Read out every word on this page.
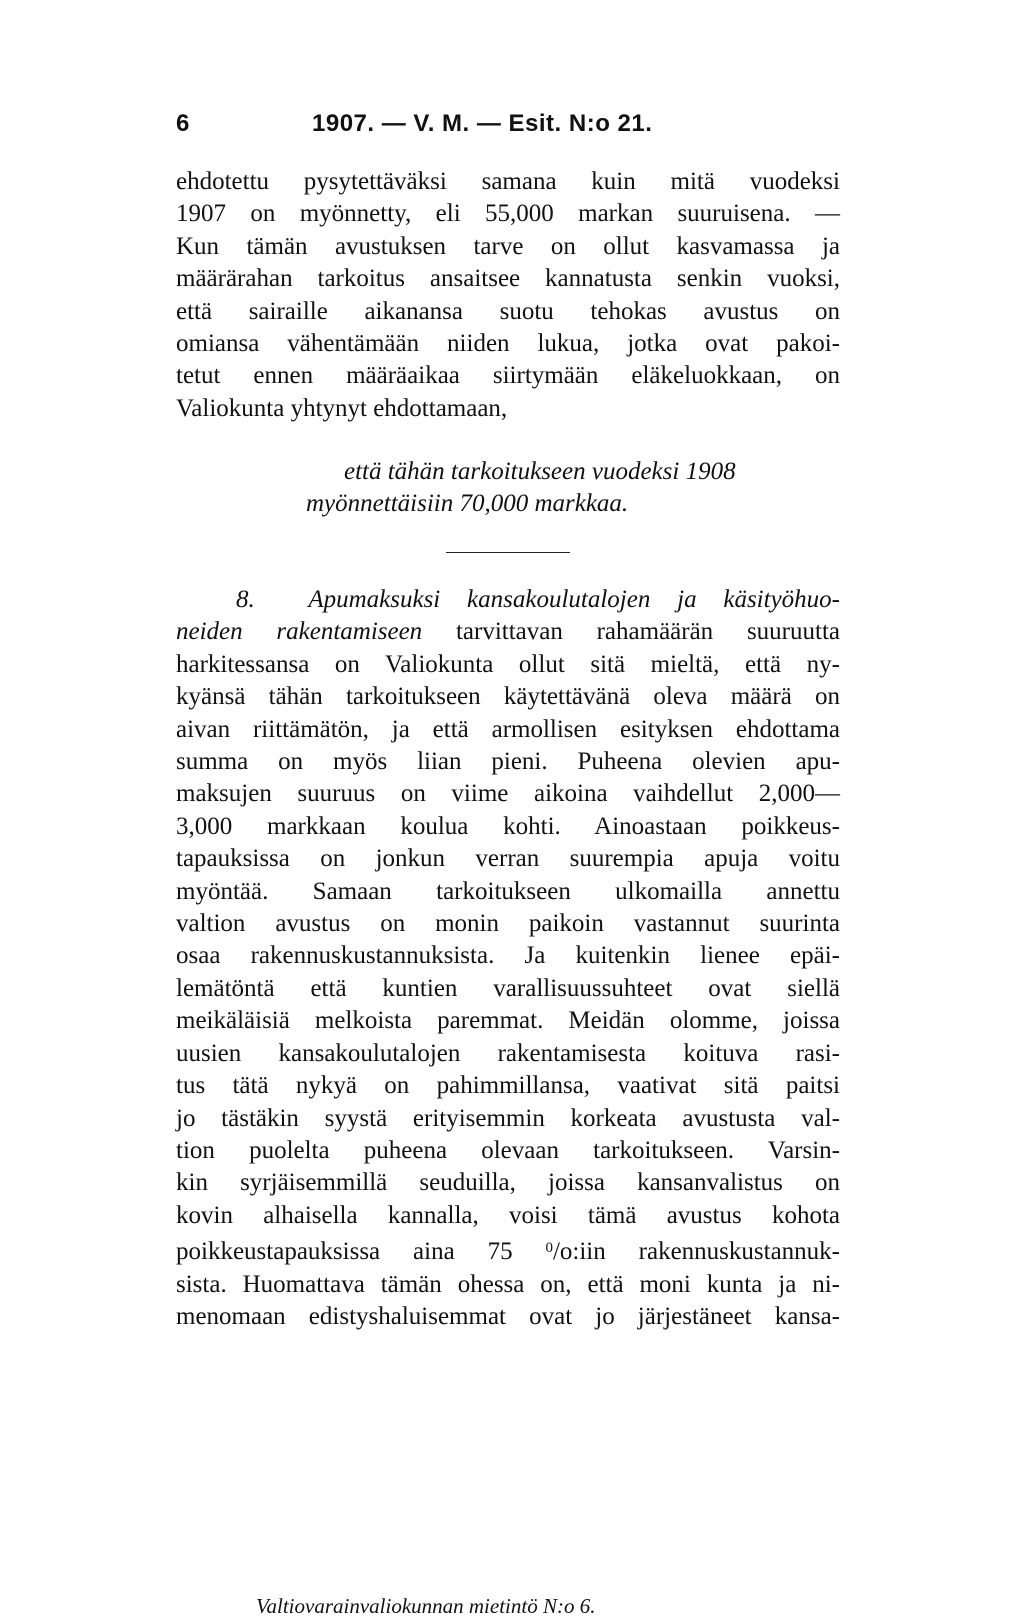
6	1907. — V. M. — Esit. N:o 21.
ehdotettu pysytettäväksi samana kuin mitä vuodeksi
1907 on myönnetty, eli 55,000 markan suuruisena. —
Kun tämän avustuksen tarve on ollut kasvamassa ja
määrärahan tarkoitus ansaitsee kannatusta senkin vuoksi,
että sairaille aikanansa suotu tehokas avustus on
omiansa vähentämään niiden lukua, jotka ovat pakoi-
tetut ennen määräaikaa siirtymään eläkeluokkaan, on
Valiokunta yhtynyt ehdottamaan,
että tähän tarkoitukseen vuodeksi 1908
myönnettäisiin 70,000 markkaa.
8. Apumaksuksi kansakoulutalojen ja käsityöhuo-
neiden rakentamiseen tarvittavan rahamäärän suuruutta
harkitessansa on Valiokunta ollut sitä mieltä, että ny-
kyänsä tähän tarkoitukseen käytettävänä oleva määrä on
aivan riittämätön, ja että armollisen esityksen ehdottama
summa on myös liian pieni. Puheena olevien apu-
maksujen suuruus on viime aikoina vaihdellut 2,000—
3,000 markkaan koulua kohti. Ainoastaan poikkeus-
tapauksissa on jonkun verran suurempia apuja voitu
myöntää. Samaan tarkoitukseen ulkomailla annettu
valtion avustus on monin paikoin vastannut suurinta
osaa rakennuskustannuksista. Ja kuitenkin lienee epäi-
lemätöntä että kuntien varallisuussuhteet ovat siellä
meikäläisiä melkoista paremmat. Meidän olomme, joissa
uusien kansakoulutalojen rakentamisesta koituva rasi-
tus tätä nykyä on pahimmillansa, vaativat sitä paitsi
jo tästäkin syystä erityisemmin korkeata avustusta val-
tion puolelta puheena olevaan tarkoitukseen. Varsin-
kin syrjäisemmillä seuduilla, joissa kansanvalistus on
kovin alhaisella kannalla, voisi tämä avustus kohota
poikkeustapauksissa aina 75 $^0$/o:iin rakennuskustannuk-
sista. Huomattava tämän ohessa on, että moni kunta ja ni-
menomaan edistyshaluisemmat ovat jo järjestäneet kansa-
Valtiovarainvaliokunnan mietintö N:o 6.
